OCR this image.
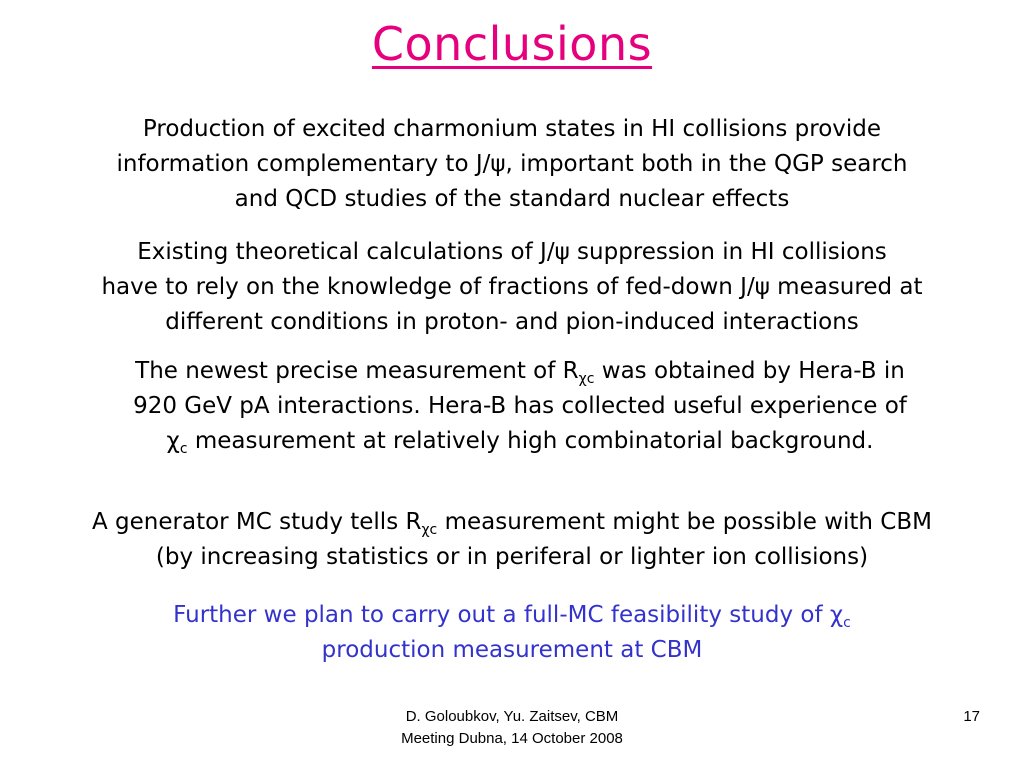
Conclusions

Production of excited charmonium states in HI collisions provide
information complementary to J/ψ, important both in the QGP search
and QCD studies of the standard nuclear effects

Existing theoretical calculations of J/ψ suppression in HI collisions
have to rely on the knowledge of fractions of fed-down J/ψ measured at
different conditions in proton- and pion-induced interactions

The newest precise measurement of $R_{\chi c}$ was obtained by Hera-B in
920 GeV pA interactions. Hera-B has collected useful experience of
$\chi_c$ measurement at relatively high combinatorial background.

A generator MC study tells $R_{\chi c}$ measurement might be possible with CBM
(by increasing statistics or in periferal or lighter ion collisions)

Further we plan to carry out a full-MC feasibility study of $\chi_c$
production measurement at CBM

D. Goloubkov, Yu. Zaitsev, CBM
Meeting Dubna, 14 October 2008
17
